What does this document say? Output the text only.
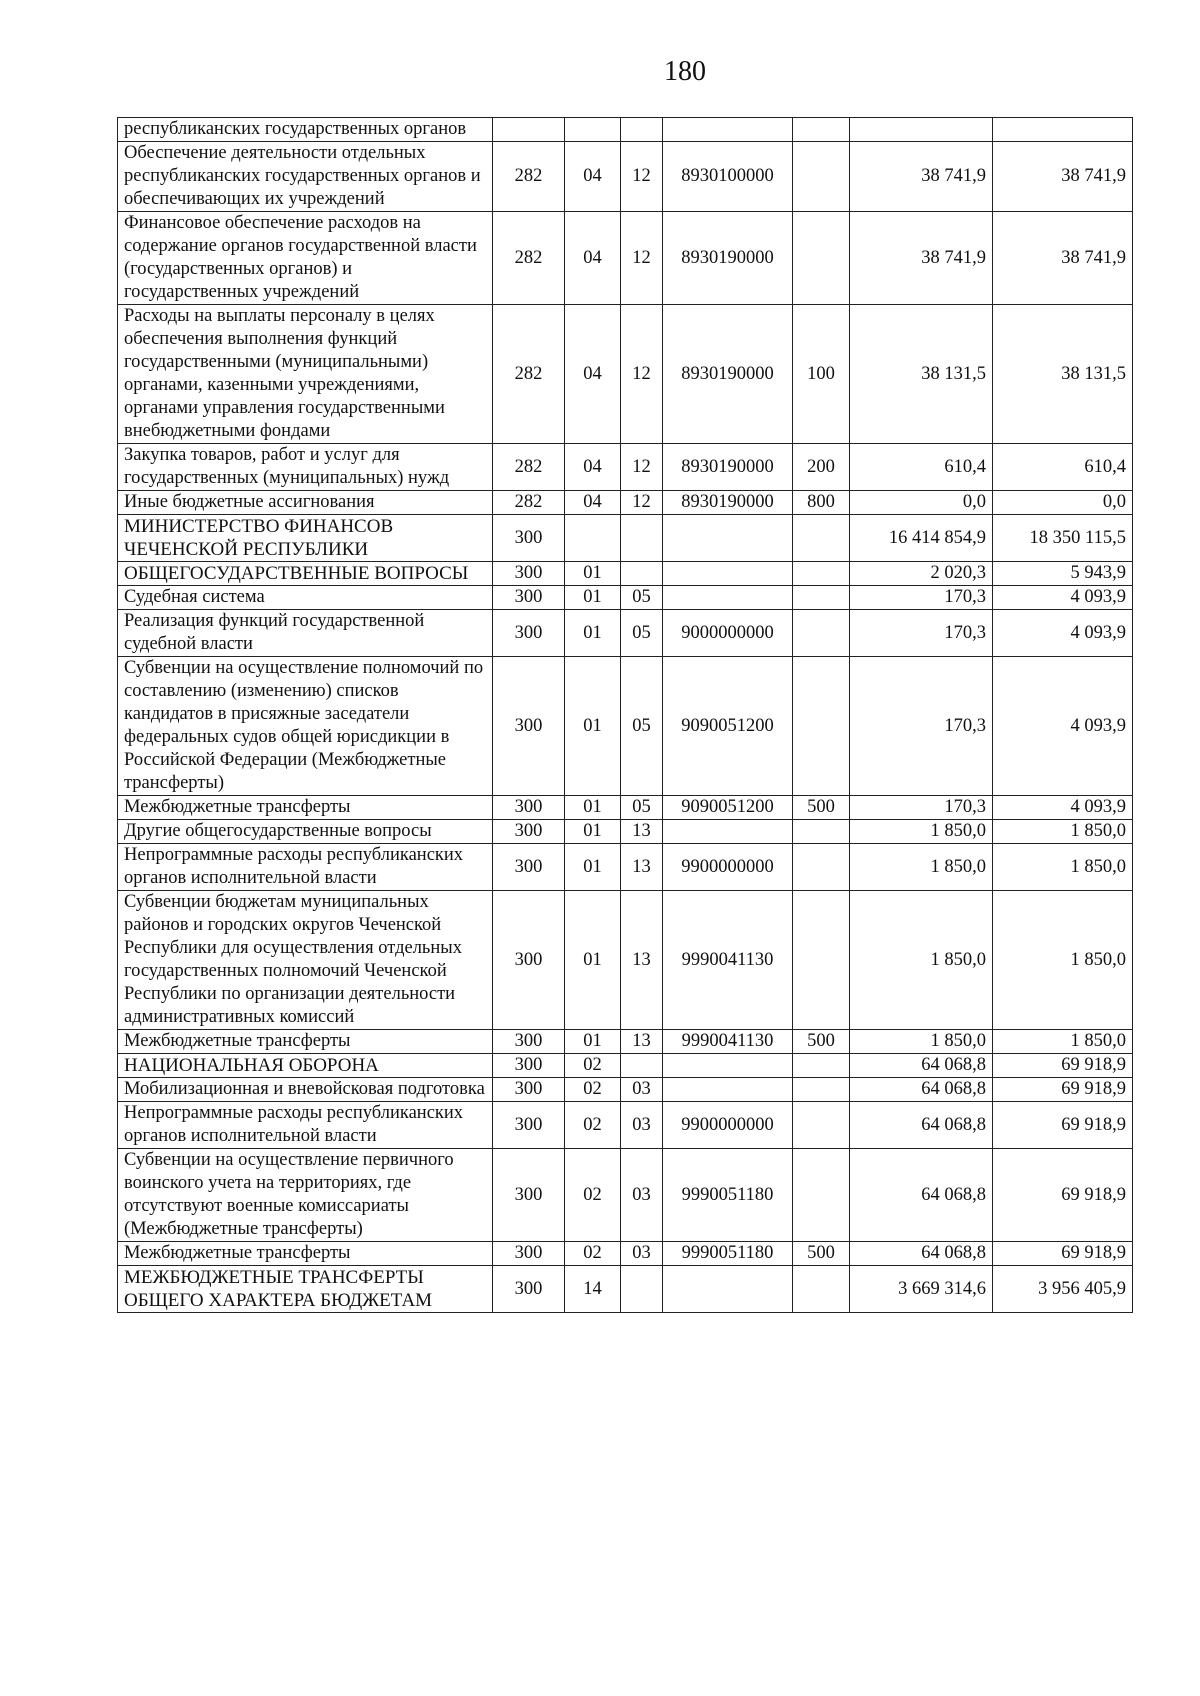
180
республиканских государственных органов							
Обеспечение деятельности отдельных республиканских государственных органов и обеспечивающих их учреждений	282	04	12	8930100000		38 741,9	38 741,9
Финансовое обеспечение расходов на содержание органов государственной власти (государственных органов) и государственных учреждений	282	04	12	8930190000		38 741,9	38 741,9
Расходы на выплаты персоналу в целях обеспечения выполнения функций государственными (муниципальными) органами, казенными учреждениями, органами управления государственными внебюджетными фондами	282	04	12	8930190000	100	38 131,5	38 131,5
Закупка товаров, работ и услуг для государственных (муниципальных) нужд	282	04	12	8930190000	200	610,4	610,4
Иные бюджетные ассигнования	282	04	12	8930190000	800	0,0	0,0
МИНИСТЕРСТВО ФИНАНСОВ ЧЕЧЕНСКОЙ РЕСПУБЛИКИ	300					16 414 854,9	18 350 115,5
ОБЩЕГОСУДАРСТВЕННЫЕ ВОПРОСЫ	300	01				2 020,3	5 943,9
Судебная система	300	01	05			170,3	4 093,9
Реализация функций государственной судебной власти	300	01	05	9000000000		170,3	4 093,9
Субвенции на осуществление полномочий по составлению (изменению) списков кандидатов в присяжные заседатели федеральных судов общей юрисдикции в Российской Федерации (Межбюджетные трансферты)	300	01	05	9090051200		170,3	4 093,9
Межбюджетные трансферты	300	01	05	9090051200	500	170,3	4 093,9
Другие общегосударственные вопросы	300	01	13			1 850,0	1 850,0
Непрограммные расходы республиканских органов исполнительной власти	300	01	13	9900000000		1 850,0	1 850,0
Субвенции бюджетам муниципальных районов и городских округов Чеченской Республики для осуществления отдельных государственных полномочий Чеченской Республики по организации деятельности административных комиссий	300	01	13	9990041130		1 850,0	1 850,0
Межбюджетные трансферты	300	01	13	9990041130	500	1 850,0	1 850,0
НАЦИОНАЛЬНАЯ ОБОРОНА	300	02				64 068,8	69 918,9
Мобилизационная и вневойсковая подготовка	300	02	03			64 068,8	69 918,9
Непрограммные расходы республиканских органов исполнительной власти	300	02	03	9900000000		64 068,8	69 918,9
Субвенции на осуществление первичного воинского учета на территориях, где отсутствуют военные комиссариаты (Межбюджетные трансферты)	300	02	03	9990051180		64 068,8	69 918,9
Межбюджетные трансферты	300	02	03	9990051180	500	64 068,8	69 918,9
МЕЖБЮДЖЕТНЫЕ ТРАНСФЕРТЫ ОБЩЕГО ХАРАКТЕРА БЮДЖЕТАМ	300	14				3 669 314,6	3 956 405,9
